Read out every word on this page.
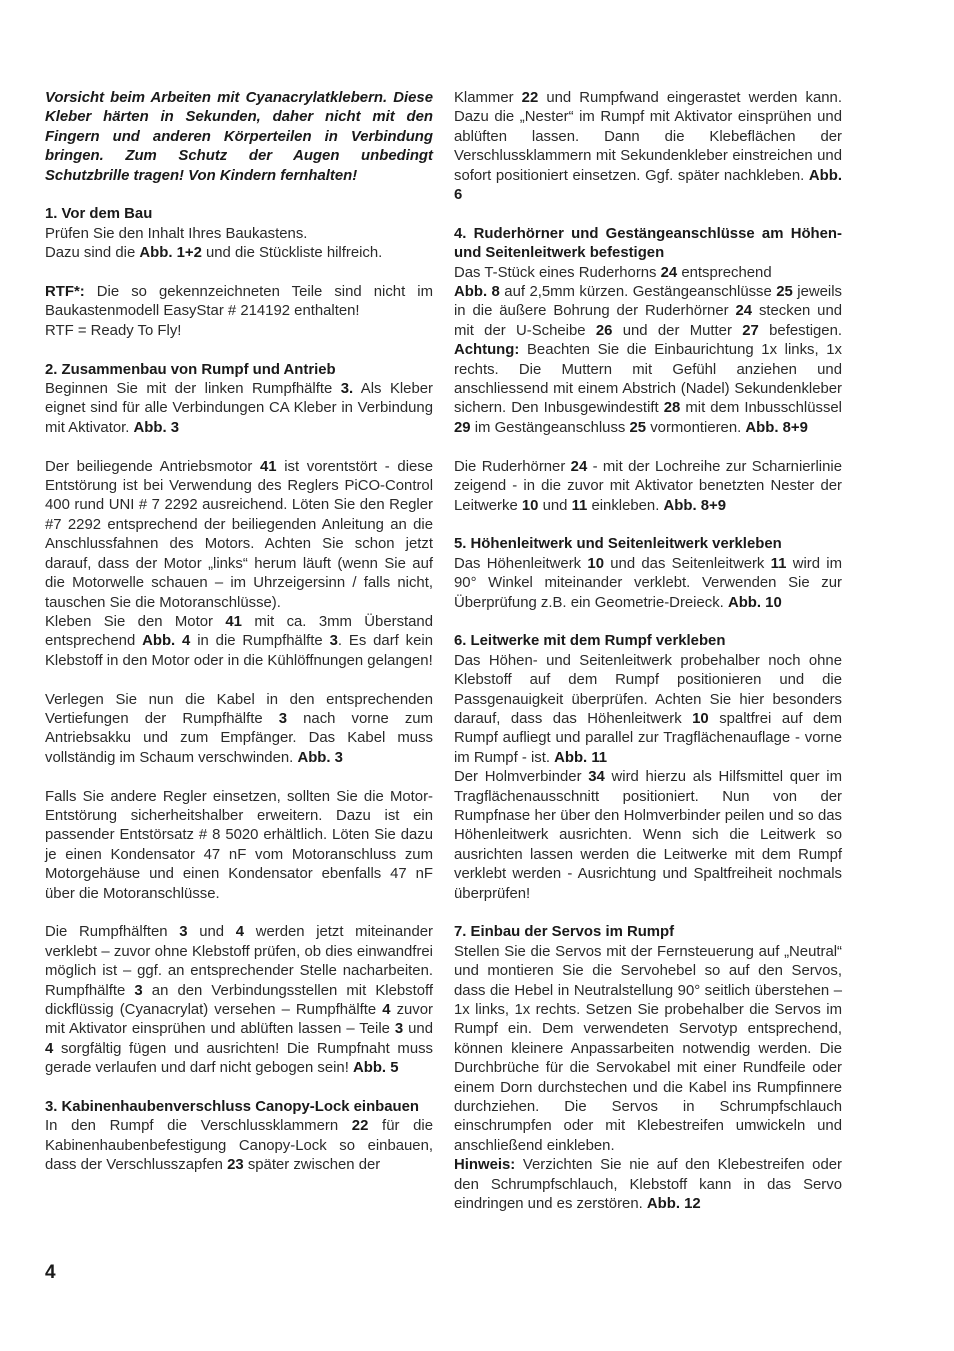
Vorsicht beim Arbeiten mit Cyanacrylatklebern. Diese Kleber härten in Sekunden, daher nicht mit den Fingern und anderen Körperteilen in Verbindung bringen. Zum Schutz der Augen unbedingt Schutzbrille tragen! Von Kindern fernhalten!

1. Vor dem Bau

Prüfen Sie den Inhalt Ihres Baukastens.

Dazu sind die Abb. 1+2 und die Stückliste hilfreich.

RTF*: Die so gekennzeichneten Teile sind nicht im Baukastenmodell EasyStar # 214192 enthalten!

RTF = Ready To Fly!

2. Zusammenbau von Rumpf und Antrieb

Beginnen Sie mit der linken Rumpfhälfte 3. Als Kleber eignet sind für alle Verbindungen CA Kleber in Verbindung mit Aktivator. Abb. 3

Der beiliegende Antriebsmotor 41 ist vorentstört - diese Entstörung ist bei Verwendung des Reglers PiCO-Control 400 rund UNI # 7 2292 ausreichend. Löten Sie den Regler #7 2292 entsprechend der beiliegenden Anleitung an die Anschlussfahnen des Motors. Achten Sie schon jetzt darauf, dass der Motor „links“ herum läuft (wenn Sie auf die Motorwelle schauen – im Uhrzeigersinn / falls nicht, tauschen Sie die Motoranschlüsse).

Kleben Sie den Motor 41 mit ca. 3mm Überstand entsprechend Abb. 4 in die Rumpfhälfte 3. Es darf kein Klebstoff in den Motor oder in die Kühlöffnungen gelangen!

Verlegen Sie nun die Kabel in den entsprechenden Vertiefungen der Rumpfhälfte 3 nach vorne zum Antriebsakku und zum Empfänger. Das Kabel muss vollständig im Schaum verschwinden. Abb. 3

Falls Sie andere Regler einsetzen, sollten Sie die Motor-Entstörung sicherheitshalber erweitern. Dazu ist ein passender Entstörsatz # 8 5020 erhältlich. Löten Sie dazu je einen Kondensator 47 nF vom Motoranschluss zum Motorgehäuse und einen Kondensator ebenfalls 47 nF über die Motoranschlüsse.

Die Rumpfhälften 3 und 4 werden jetzt miteinander verklebt – zuvor ohne Klebstoff prüfen, ob dies einwandfrei möglich ist – ggf. an entsprechender Stelle nacharbeiten. Rumpfhälfte 3 an den Verbindungsstellen mit Klebstoff dickflüssig (Cyanacrylat) versehen – Rumpfhälfte 4 zuvor mit Aktivator einsprühen und ablüften lassen – Teile 3 und 4 sorgfältig fügen und ausrichten! Die Rumpfnaht muss gerade verlaufen und darf nicht gebogen sein! Abb. 5

3. Kabinenhaubenverschluss Canopy-Lock einbauen

In den Rumpf die Verschlussklammern 22 für die Kabinenhaubenbefestigung Canopy-Lock so einbauen, dass der Verschlusszapfen 23 später zwischen der

Klammer 22 und Rumpfwand eingerastet werden kann. Dazu die „Nester“ im Rumpf mit Aktivator einsprühen und ablüften lassen. Dann die Klebeflächen der Verschlussklammern mit Sekundenkleber einstreichen und sofort positioniert einsetzen. Ggf. später nachkleben. Abb. 6

4. Ruderhörner und Gestängeanschlüsse am Höhen- und Seitenleitwerk befestigen

Das T-Stück eines Ruderhorns 24 entsprechend

Abb. 8 auf 2,5mm kürzen. Gestängeanschlüsse 25 jeweils in die äußere Bohrung der Ruderhörner 24 stecken und mit der U-Scheibe 26 und der Mutter 27 befestigen. Achtung: Beachten Sie die Einbaurichtung 1x links, 1x rechts. Die Muttern mit Gefühl anziehen und anschliessend mit einem Abstrich (Nadel) Sekundenkleber sichern. Den Inbusgewindestift 28 mit dem Inbusschlüssel 29 im Gestängeanschluss 25 vormontieren. Abb. 8+9

Die Ruderhörner 24 - mit der Lochreihe zur Scharnierlinie zeigend - in die zuvor mit Aktivator benetzten Nester der Leitwerke 10 und 11 einkleben. Abb. 8+9

5. Höhenleitwerk und Seitenleitwerk verkleben

Das Höhenleitwerk 10 und das Seitenleitwerk 11 wird im 90° Winkel miteinander verklebt. Verwenden Sie zur Überprüfung z.B. ein Geometrie-Dreieck. Abb. 10

6. Leitwerke mit dem Rumpf verkleben

Das Höhen- und Seitenleitwerk probehalber noch ohne Klebstoff auf dem Rumpf positionieren und die Passgenauigkeit überprüfen. Achten Sie hier besonders darauf, dass das Höhenleitwerk 10 spaltfrei auf dem Rumpf aufliegt und parallel zur Tragflächenauflage - vorne im Rumpf - ist. Abb. 11

Der Holmverbinder 34 wird hierzu als Hilfsmittel quer im Tragflächenausschnitt positioniert. Nun von der Rumpfnase her über den Holmverbinder peilen und so das Höhenleitwerk ausrichten. Wenn sich die Leitwerk so ausrichten lassen werden die Leitwerke mit dem Rumpf verklebt werden - Ausrichtung und Spaltfreiheit nochmals überprüfen!

7. Einbau der Servos im Rumpf

Stellen Sie die Servos mit der Fernsteuerung auf „Neutral“ und montieren Sie die Servohebel so auf den Servos, dass die Hebel in Neutralstellung 90° seitlich überstehen – 1x links, 1x rechts. Setzen Sie probehalber die Servos im Rumpf ein. Dem verwendeten Servotyp entsprechend, können kleinere Anpassarbeiten notwendig werden. Die Durchbrüche für die Servokabel mit einer Rundfeile oder einem Dorn durchstechen und die Kabel ins Rumpfinnere durchziehen. Die Servos in Schrumpfschlauch einschrumpfen oder mit Klebestreifen umwickeln und anschließend einkleben.

Hinweis: Verzichten Sie nie auf den Klebestreifen oder den Schrumpfschlauch, Klebstoff kann in das Servo eindringen und es zerstören. Abb. 12

4
